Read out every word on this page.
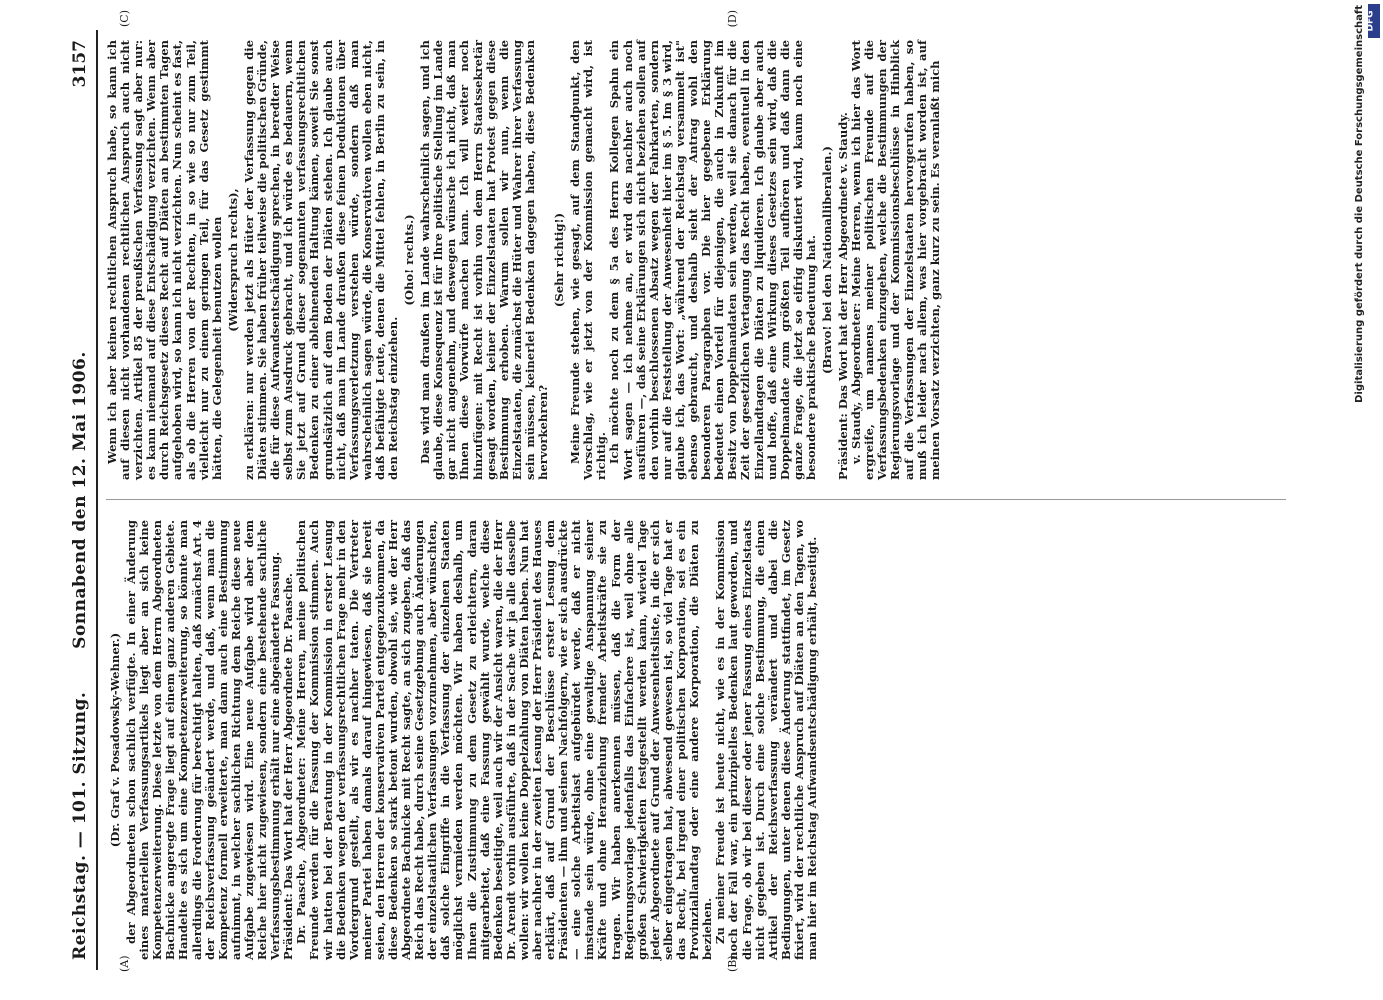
Reichstag. — 101. Sitzung.
Sonnabend den 12. Mai 1906.
3157
(A)	(B)
(C)	(D)

(Dr. Graf v. Posadowsky-Wehner.) der Abgeordneten schon sachlich verfügte. In einer Änderung eines materiellen Verfassungsartikels liegt aber an sich keine Kompetenzerweiterung. Diese letzte von dem Herrn Abgeordneten Bachnicke angeregte Frage liegt auf einem ganz anderen Gebiete. Handelte es sich um eine Kompetenzerweiterung, so könnte man allerdings die Forderung für berechtigt halten, daß zunächst Art. 4 der Reichsverfassung geändert werde, und daß, wenn man die Kompetenz formell erweiterte, man dann auch eine Bestimmung aufnimmt, in welcher sachlichen Richtung dem Reiche diese neue Aufgabe zugewiesen wird. Eine neue Aufgabe wird aber dem Reiche hier nicht zugewiesen, sondern eine bestehende sachliche Verfassungsbestimmung erhält nur eine abgeänderte Fassung. Präsident: Das Wort hat der Herr Abgeordnete Dr. Paasche. Dr. Paasche, Abgeordneter: Meine Herren, meine politischen Freunde werden für die Fassung der Kommission stimmen. Auch wir hatten bei der Beratung in der Kommission in erster Lesung die Bedenken wegen der verfassungsrechtlichen Frage mehr in den Vordergrund gestellt, als wir es nachher taten. Die Vertreter meiner Partei haben damals darauf hingewiesen, daß sie bereit seien, den Herren der konservativen Partei entgegenzukommen, da diese Bedenken so stark betont wurden, obwohl sie, wie der Herr Abgeordnete Bachnicke mit Recht sagte, an sich zugeben, daß das Reich das Recht habe, durch seine Gesetzgebung auch Änderungen der einzelstaatlichen Verfassungen vorzunehmen, aber wünschten, daß solche Eingriffe in die Verfassung der einzelnen Staaten möglichst vermieden werden möchten. Wir haben deshalb, um Ihnen die Zustimmung zu dem Gesetz zu erleichtern, daran mitgearbeitet, daß eine Fassung gewählt wurde, welche diese Bedenken beseitigte, weil auch wir der Ansicht waren, die der Herr Dr. Arendt vorhin ausführte, daß in der Sache wir ja alle dasselbe wollen: wir wollen keine Doppelzahlung von Diäten haben. Nun hat aber nachher in der zweiten Lesung der Herr Präsident des Hauses erklärt, daß auf Grund der Beschlüsse erster Lesung dem Präsidenten — ihm und seinen Nachfolgern, wie er sich ausdrückte — eine solche Arbeitslast aufgebürdet werde, daß er nicht imstande sein würde, ohne eine gewaltige Anspannung seiner Kräfte und ohne Heranziehung fremder Arbeitskräfte sie zu tragen. Wir haben anerkennen müssen, daß die Form der Regierungsvorlage jedenfalls das Einfachere ist, weil ohne alle großen Schwierigkeiten festgestellt werden kann, wieviel Tage jeder Abgeordnete auf Grund der Anwesenheitsliste, in die er sich selber eingetragen hat, abwesend gewesen ist, so viel Tage hat er das Recht, bei irgend einer politischen Korporation, sei es ein Provinziallandtag oder eine andere Korporation, die Diäten zu beziehen. Zu meiner Freude ist heute nicht, wie es in der Kommission noch der Fall war, ein prinzipielles Bedenken laut geworden, und die Frage, ob wir bei dieser oder jener Fassung eines Einzelstaats nicht gegeben ist. Durch eine solche Bestimmung, die einen Artikel der Reichsverfassung verändert und dabei die Bedingungen, unter denen diese Änderung stattfindet, im Gesetz fixiert, wird der rechtliche Anspruch auf Diäten an den Tagen, wo man hier im Reichstag Aufwandsentschädigung erhält, beseitigt.

Wenn ich aber keinen rechtlichen Anspruch habe, so kann ich auf diesen nicht vorhandenen rechtlichen Anspruch auch nicht verzichten. Artikel 85 der preußischen Verfassung sagt aber nur: es kann niemand auf diese Entschädigung verzichten. Wenn aber durch Reichsgesetz dieses Recht auf Diäten an bestimmten Tagen aufgehoben wird, so kann ich nicht verzichten. Nun scheint es fast, als ob die Herren von der Rechten, in so wie so nur zum Teil, vielleicht nur zu einem geringen Teil, für das Gesetz gestimmt hätten, die Gelegenheit benutzen wollen (Widerspruch rechts), zu erklären: nur werden jetzt als Hüter der Verfassung gegen die Diäten stimmen. Sie haben früher teilweise die politischen Gründe, die für diese Aufwandsentschädigung sprechen, in beredter Weise selbst zum Ausdruck gebracht, und ich würde es bedauern, wenn Sie jetzt auf Grund dieser sogenannten verfassungsrechtlichen Bedenken zu einer ablehnenden Haltung kämen, soweit Sie sonst grundsätzlich auf dem Boden der Diäten stehen. Ich glaube auch nicht, daß man im Lande draußen diese feinen Deduktionen über Verfassungsverletzung verstehen würde, sondern daß man wahrscheinlich sagen würde, die Konservativen wollen eben nicht, daß befähigte Leute, denen die Mittel fehlen, in Berlin zu sein, in den Reichstag einziehen.

(Oho! rechts.) Das wird man draußen im Lande wahrscheinlich sagen, und ich glaube, diese Konsequenz ist für Ihre politische Stellung im Lande gar nicht angenehm, und deswegen wünsche ich nicht, daß man Ihnen diese Vorwürfe machen kann. Ich will weiter noch hinzufügen: mit Recht ist vorhin von dem Herrn Staatssekretär gesagt worden, keiner der Einzelstaaten hat Protest gegen diese Bestimmung erhoben. Warum sollen wir nun, wenn die Einzelstaaten, die zunächst die Hüter und Wahrer ihrer Verfassung sein müssen, keinerlei Bedenken dagegen haben, diese Bedenken hervorkehren?

(Sehr richtig!) Meine Freunde stehen, wie gesagt, auf dem Standpunkt, den Vorschlag, wie er jetzt von der Kommission gemacht wird, ist richtig. Ich möchte noch zu dem § 5a des Herrn Kollegen Spahn ein Wort sagen — ich nehme an, er wird das nachher auch noch ausführen —, daß seine Erklärungen sich nicht beziehen sollen auf den vorhin beschlossenen Absatz wegen der Fahrkarten, sondern nur auf die Feststellung der Anwesenheit hier im § 5. Im § 3 wird, glaube ich, das Wort: „während der Reichstag versammelt ist" ebenso gebraucht, und deshalb sieht der Antrag wohl den besonderen Paragraphen vor. Die hier gegebene Erklärung bedeutet einen Vorteil für diejenigen, die auch in Zukunft im Besitz von Doppelmandaten sein werden, weil sie danach für die Zeit der gesetzlichen Vertagung das Recht haben, eventuell in den Einzellandtagen die Diäten zu liquidieren. Ich glaube aber auch und hoffe, daß eine Wirkung dieses Gesetzes sein wird, daß die Doppelmandate zum größten Teil aufhören und daß dann die ganze Frage, die jetzt so eifrig diskutiert wird, kaum noch eine besondere praktische Bedeutung hat. (Bravo! bei den Nationalliberalen.) Präsident: Das Wort hat der Herr Abgeordnete v. Staudy. v. Staudy, Abgeordneter: Meine Herren, wenn ich hier das Wort ergreife, um namens meiner politischen Freunde auf die Verfassungsbedenken einzugehen, welche die Bestimmungen der Regierungsvorlage und der Kommissionsbeschlüsse in Hinblick auf die Verfassungen der Einzelstaaten hervorgerufen haben, so muß ich leider nach allem, was hier vorgebracht worden ist, auf meinen Vorsatz verzichten, ganz kurz zu sein. Es veranlaßt mich	Digitalisierung gefördert durch die Deutsche Forschungsgemeinschaft DFG
